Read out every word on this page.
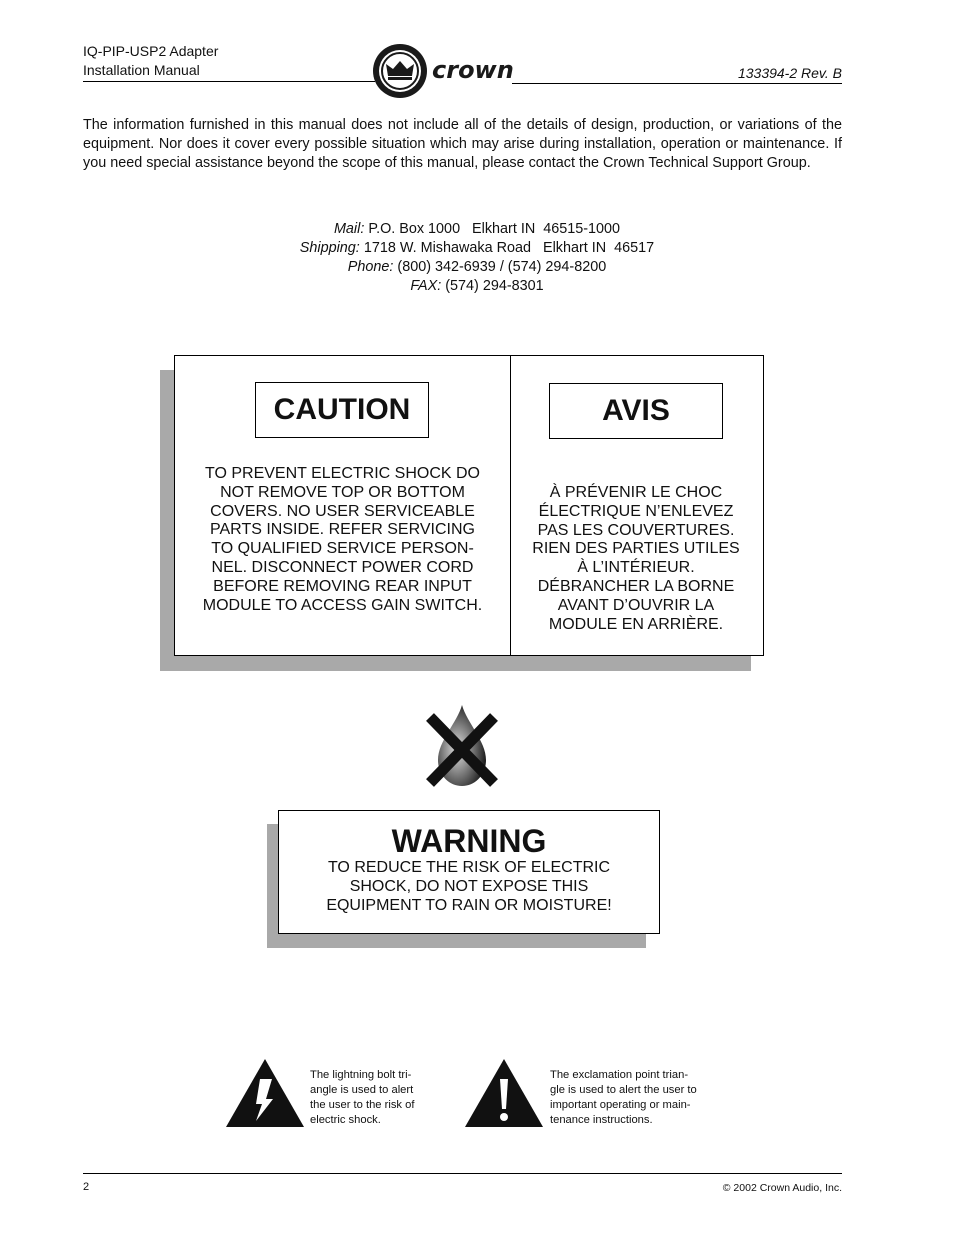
IQ-PIP-USP2 Adapter
Installation Manual	133394-2 Rev. B
crown
The information furnished in this manual does not include all of the details of design, production, or variations of the equipment. Nor does it cover every possible situation which may arise during installation, operation or maintenance. If you need special assistance beyond the scope of this manual, please contact the Crown Technical Support Group.
Mail: P.O. Box 1000   Elkhart IN  46515-1000
Shipping: 1718 W. Mishawaka Road   Elkhart IN  46517
Phone: (800) 342-6939 / (574) 294-8200
FAX: (574) 294-8301
CAUTION
TO PREVENT ELECTRIC SHOCK DO
NOT REMOVE TOP OR BOTTOM
COVERS. NO USER SERVICEABLE
PARTS INSIDE. REFER SERVICING
TO QUALIFIED SERVICE PERSON-
NEL. DISCONNECT POWER CORD
BEFORE REMOVING REAR INPUT
MODULE TO ACCESS GAIN SWITCH.
AVIS
À PRÉVENIR LE CHOC
ÉLECTRIQUE N’ENLEVEZ
PAS LES COUVERTURES.
RIEN DES PARTIES UTILES
À L’INTÉRIEUR.
DÉBRANCHER LA BORNE
AVANT D’OUVRIR LA
MODULE EN ARRIÈRE.
WARNING
TO REDUCE THE RISK OF ELECTRIC
SHOCK, DO NOT EXPOSE THIS
EQUIPMENT TO RAIN OR MOISTURE!
The lightning bolt tri-
angle is used to alert
the user to the risk of
electric shock.
The exclamation point trian-
gle is used to alert the user to
important operating or main-
tenance instructions.
2	© 2002 Crown Audio, Inc.
